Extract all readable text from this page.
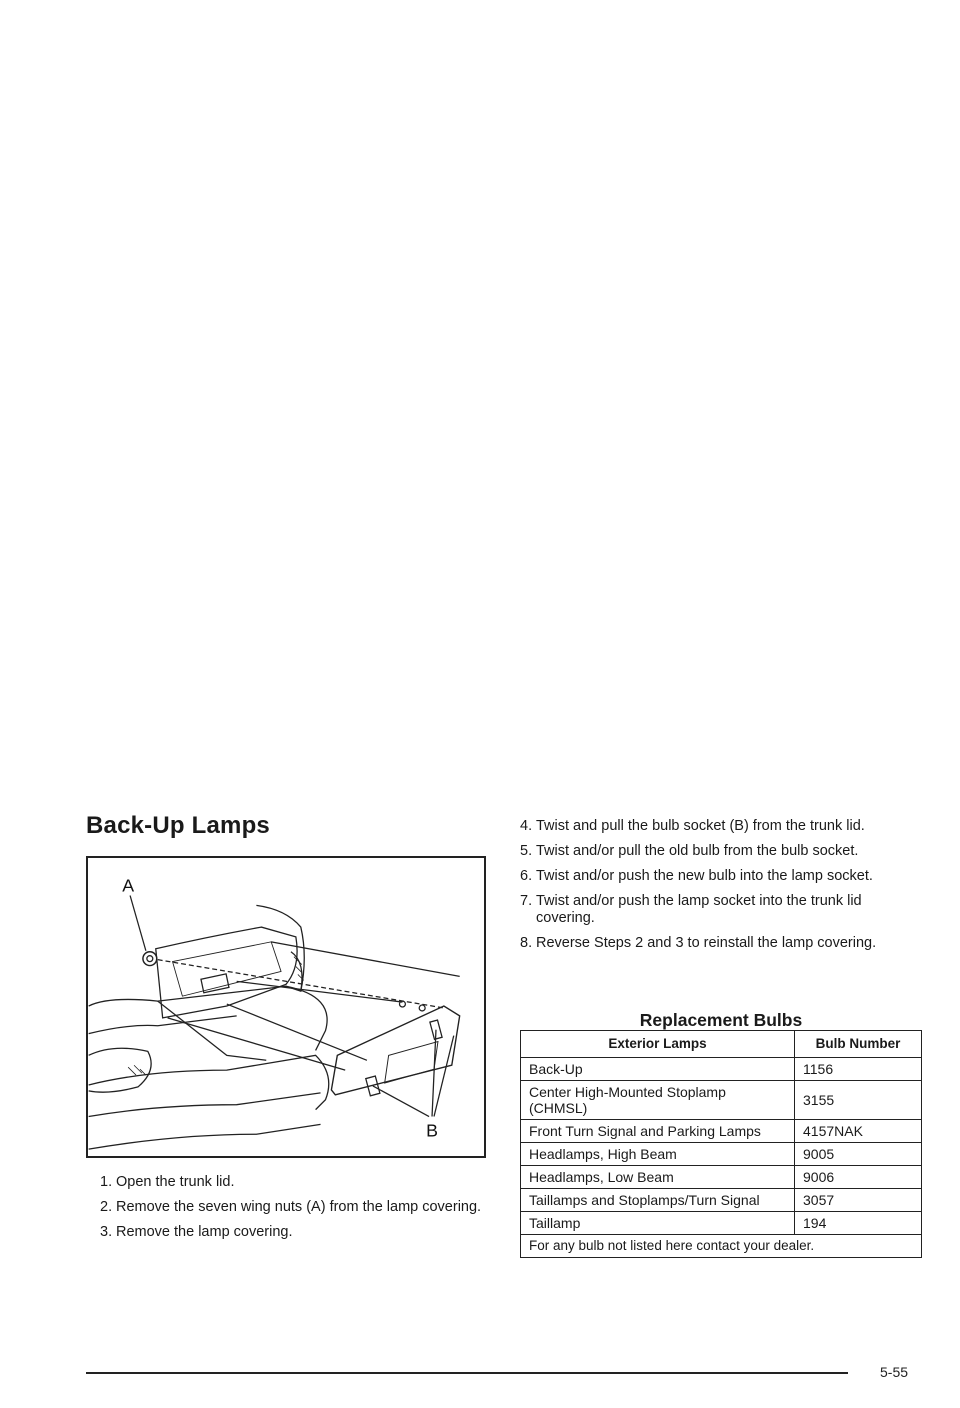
Back-Up Lamps
A
B
1. Open the trunk lid.
2. Remove the seven wing nuts (A) from the lamp covering.
3. Remove the lamp covering.
4. Twist and pull the bulb socket (B) from the trunk lid.
5. Twist and/or pull the old bulb from the bulb socket.
6. Twist and/or push the new bulb into the lamp socket.
7. Twist and/or push the lamp socket into the trunk lid covering.
8. Reverse Steps 2 and 3 to reinstall the lamp covering.
Replacement Bulbs
Exterior Lamps	Bulb Number
Back-Up	1156
Center High-Mounted Stoplamp (CHMSL)	3155
Front Turn Signal and Parking Lamps	4157NAK
Headlamps, High Beam	9005
Headlamps, Low Beam	9006
Taillamps and Stoplamps/Turn Signal	3057
Taillamp	194
For any bulb not listed here contact your dealer.	
5-55
